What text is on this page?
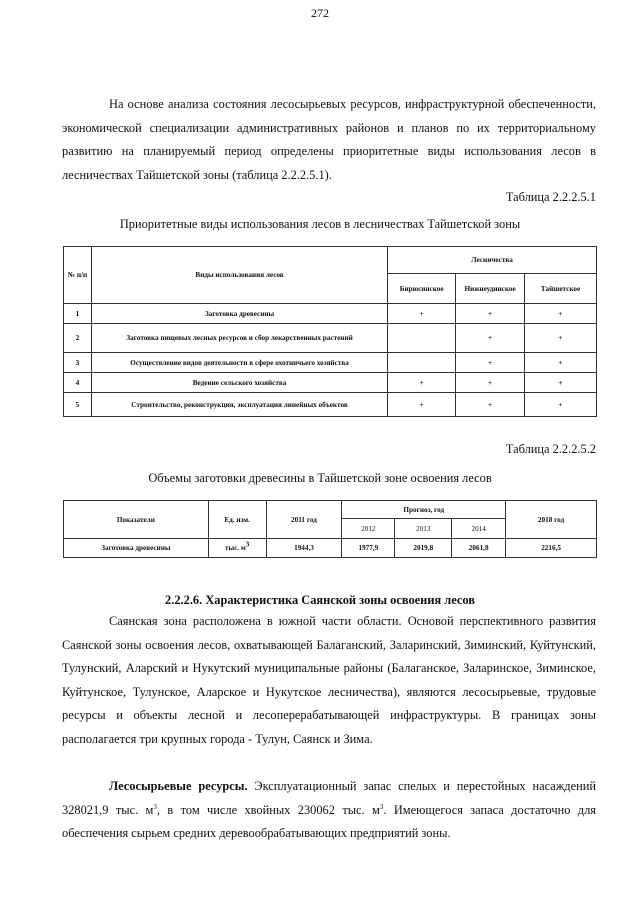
272

На основе анализа состояния лесосырьевых ресурсов, инфраструктурной обеспеченности, экономической специализации административных районов и планов по их территориальному развитию на планируемый период определены приоритетные виды использования лесов в лесничествах Тайшетской зоны (таблица 2.2.2.5.1).

Таблица 2.2.2.5.1
Приоритетные виды использования лесов в лесничествах Тайшетской зоны
№ п/п	Виды использования лесов	Лесничества		
		Бирюсинское	Нижнеудинское	Тайшетское
1	Заготовка древесины	+	+	+
2	Заготовка пищевых лесных ресурсов и сбор лекарственных растений		+	+
3	Осуществление видов деятельности в сфере охотничьего хозяйства		+	+
4	Ведение сельского хозяйства	+	+	+
5	Строительство, реконструкция, эксплуатация линейных объектов	+	+	+
Таблица 2.2.2.5.2
Объемы заготовки древесины в Тайшетской зоне освоения лесов
Показатели	Ед. изм.	2011 год	Прогноз, год			2018 год
			2012	2013	2014	
Заготовка древесины	тыс. $м^3$	1944,3	1977,9	2019,8	2061,8	2216,5
2.2.2.6. Характеристика Саянской зоны освоения лесов

Саянская зона расположена в южной части области. Основой перспективного развития Саянской зоны освоения лесов, охватывающей Балаганский, Заларинский, Зиминский, Куйтунский, Тулунский, Аларский и Нукутский муниципальные районы (Балаганское, Заларинское, Зиминское, Куйтунское, Тулунское, Аларское и Нукутское лесничества), являются лесосырьевые, трудовые ресурсы и объекты лесной и лесоперерабатывающей инфраструктуры. В границах зоны располагается три крупных города - Тулун, Саянск и Зима.

Лесосырьевые ресурсы. Эксплуатационный запас спелых и перестойных насаждений 328021,9 тыс. $м^3$, в том числе хвойных 230062 тыс. $м^3$. Имеющегося запаса достаточно для обеспечения сырьем средних деревообрабатывающих предприятий зоны.
